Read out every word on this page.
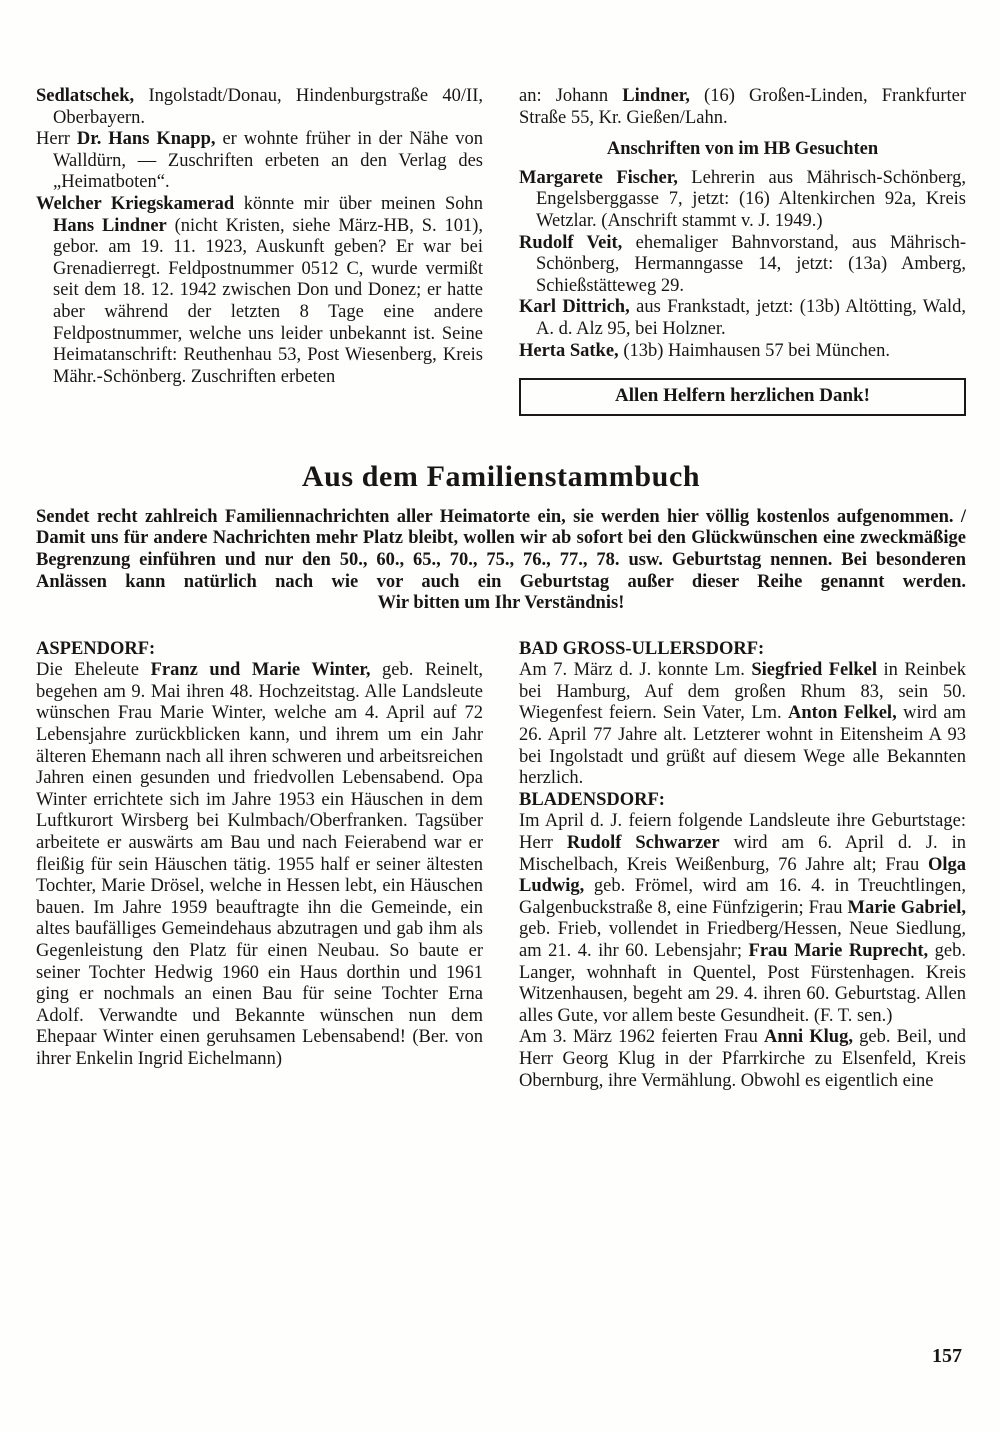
Sedlatschek, Ingolstadt/Donau, Hindenburgstraße 40/II, Oberbayern.

Herr Dr. Hans Knapp, er wohnte früher in der Nähe von Walldürn, — Zuschriften erbeten an den Verlag des „Heimatboten“.

Welcher Kriegskamerad könnte mir über meinen Sohn Hans Lindner (nicht Kristen, siehe März-HB, S. 101), gebor. am 19. 11. 1923, Auskunft geben? Er war bei Grenadierregt. Feldpostnummer 0512 C, wurde vermißt seit dem 18. 12. 1942 zwischen Don und Donez; er hatte aber während der letzten 8 Tage eine andere Feldpostnummer, welche uns leider unbekannt ist. Seine Heimatanschrift: Reuthenhau 53, Post Wiesenberg, Kreis Mähr.-Schönberg. Zuschriften erbeten

an: Johann Lindner, (16) Großen-Linden, Frankfurter Straße 55, Kr. Gießen/Lahn.

Anschriften von im HB Gesuchten

Margarete Fischer, Lehrerin aus Mährisch-Schönberg, Engelsberggasse 7, jetzt: (16) Altenkirchen 92a, Kreis Wetzlar. (Anschrift stammt v. J. 1949.)

Rudolf Veit, ehemaliger Bahnvorstand, aus Mährisch-Schönberg, Hermanngasse 14, jetzt: (13a) Amberg, Schießstätteweg 29.

Karl Dittrich, aus Frankstadt, jetzt: (13b) Altötting, Wald, A. d. Alz 95, bei Holzner.

Herta Satke, (13b) Haimhausen 57 bei München.

Allen Helfern herzlichen Dank!
Aus dem Familienstammbuch

Sendet recht zahlreich Familiennachrichten aller Heimatorte ein, sie werden hier völlig kostenlos aufgenommen. / Damit uns für andere Nachrichten mehr Platz bleibt, wollen wir ab sofort bei den Glückwünschen eine zweckmäßige Begrenzung einführen und nur den 50., 60., 65., 70., 75., 76., 77., 78. usw. Geburtstag nennen. Bei besonderen Anlässen kann natürlich nach wie vor auch ein Geburtstag außer dieser Reihe genannt werden.

Wir bitten um Ihr Verständnis!

ASPENDORF:

Die Eheleute Franz und Marie Winter, geb. Reinelt, begehen am 9. Mai ihren 48. Hochzeitstag. Alle Landsleute wünschen Frau Marie Winter, welche am 4. April auf 72 Lebensjahre zurückblicken kann, und ihrem um ein Jahr älteren Ehemann nach all ihren schweren und arbeitsreichen Jahren einen gesunden und friedvollen Lebensabend. Opa Winter errichtete sich im Jahre 1953 ein Häuschen in dem Luftkurort Wirsberg bei Kulmbach/Oberfranken. Tagsüber arbeitete er auswärts am Bau und nach Feierabend war er fleißig für sein Häuschen tätig. 1955 half er seiner ältesten Tochter, Marie Drösel, welche in Hessen lebt, ein Häuschen bauen. Im Jahre 1959 beauftragte ihn die Gemeinde, ein altes baufälliges Gemeindehaus abzutragen und gab ihm als Gegenleistung den Platz für einen Neubau. So baute er seiner Tochter Hedwig 1960 ein Haus dorthin und 1961 ging er nochmals an einen Bau für seine Tochter Erna Adolf. Verwandte und Bekannte wünschen nun dem Ehepaar Winter einen geruhsamen Lebensabend! (Ber. von ihrer Enkelin Ingrid Eichelmann)

BAD GROSS-ULLERSDORF:

Am 7. März d. J. konnte Lm. Siegfried Felkel in Reinbek bei Hamburg, Auf dem großen Rhum 83, sein 50. Wiegenfest feiern. Sein Vater, Lm. Anton Felkel, wird am 26. April 77 Jahre alt. Letzterer wohnt in Eitensheim A 93 bei Ingolstadt und grüßt auf diesem Wege alle Bekannten herzlich.

BLADENSDORF:

Im April d. J. feiern folgende Landsleute ihre Geburtstage: Herr Rudolf Schwarzer wird am 6. April d. J. in Mischelbach, Kreis Weißenburg, 76 Jahre alt; Frau Olga Ludwig, geb. Frömel, wird am 16. 4. in Treuchtlingen, Galgenbuckstraße 8, eine Fünfzigerin; Frau Marie Gabriel, geb. Frieb, vollendet in Friedberg/Hessen, Neue Siedlung, am 21. 4. ihr 60. Lebensjahr; Frau Marie Ruprecht, geb. Langer, wohnhaft in Quentel, Post Fürstenhagen. Kreis Witzenhausen, begeht am 29. 4. ihren 60. Geburtstag. Allen alles Gute, vor allem beste Gesundheit. (F. T. sen.)

Am 3. März 1962 feierten Frau Anni Klug, geb. Beil, und Herr Georg Klug in der Pfarrkirche zu Elsenfeld, Kreis Obernburg, ihre Vermählung. Obwohl es eigentlich eine

157
